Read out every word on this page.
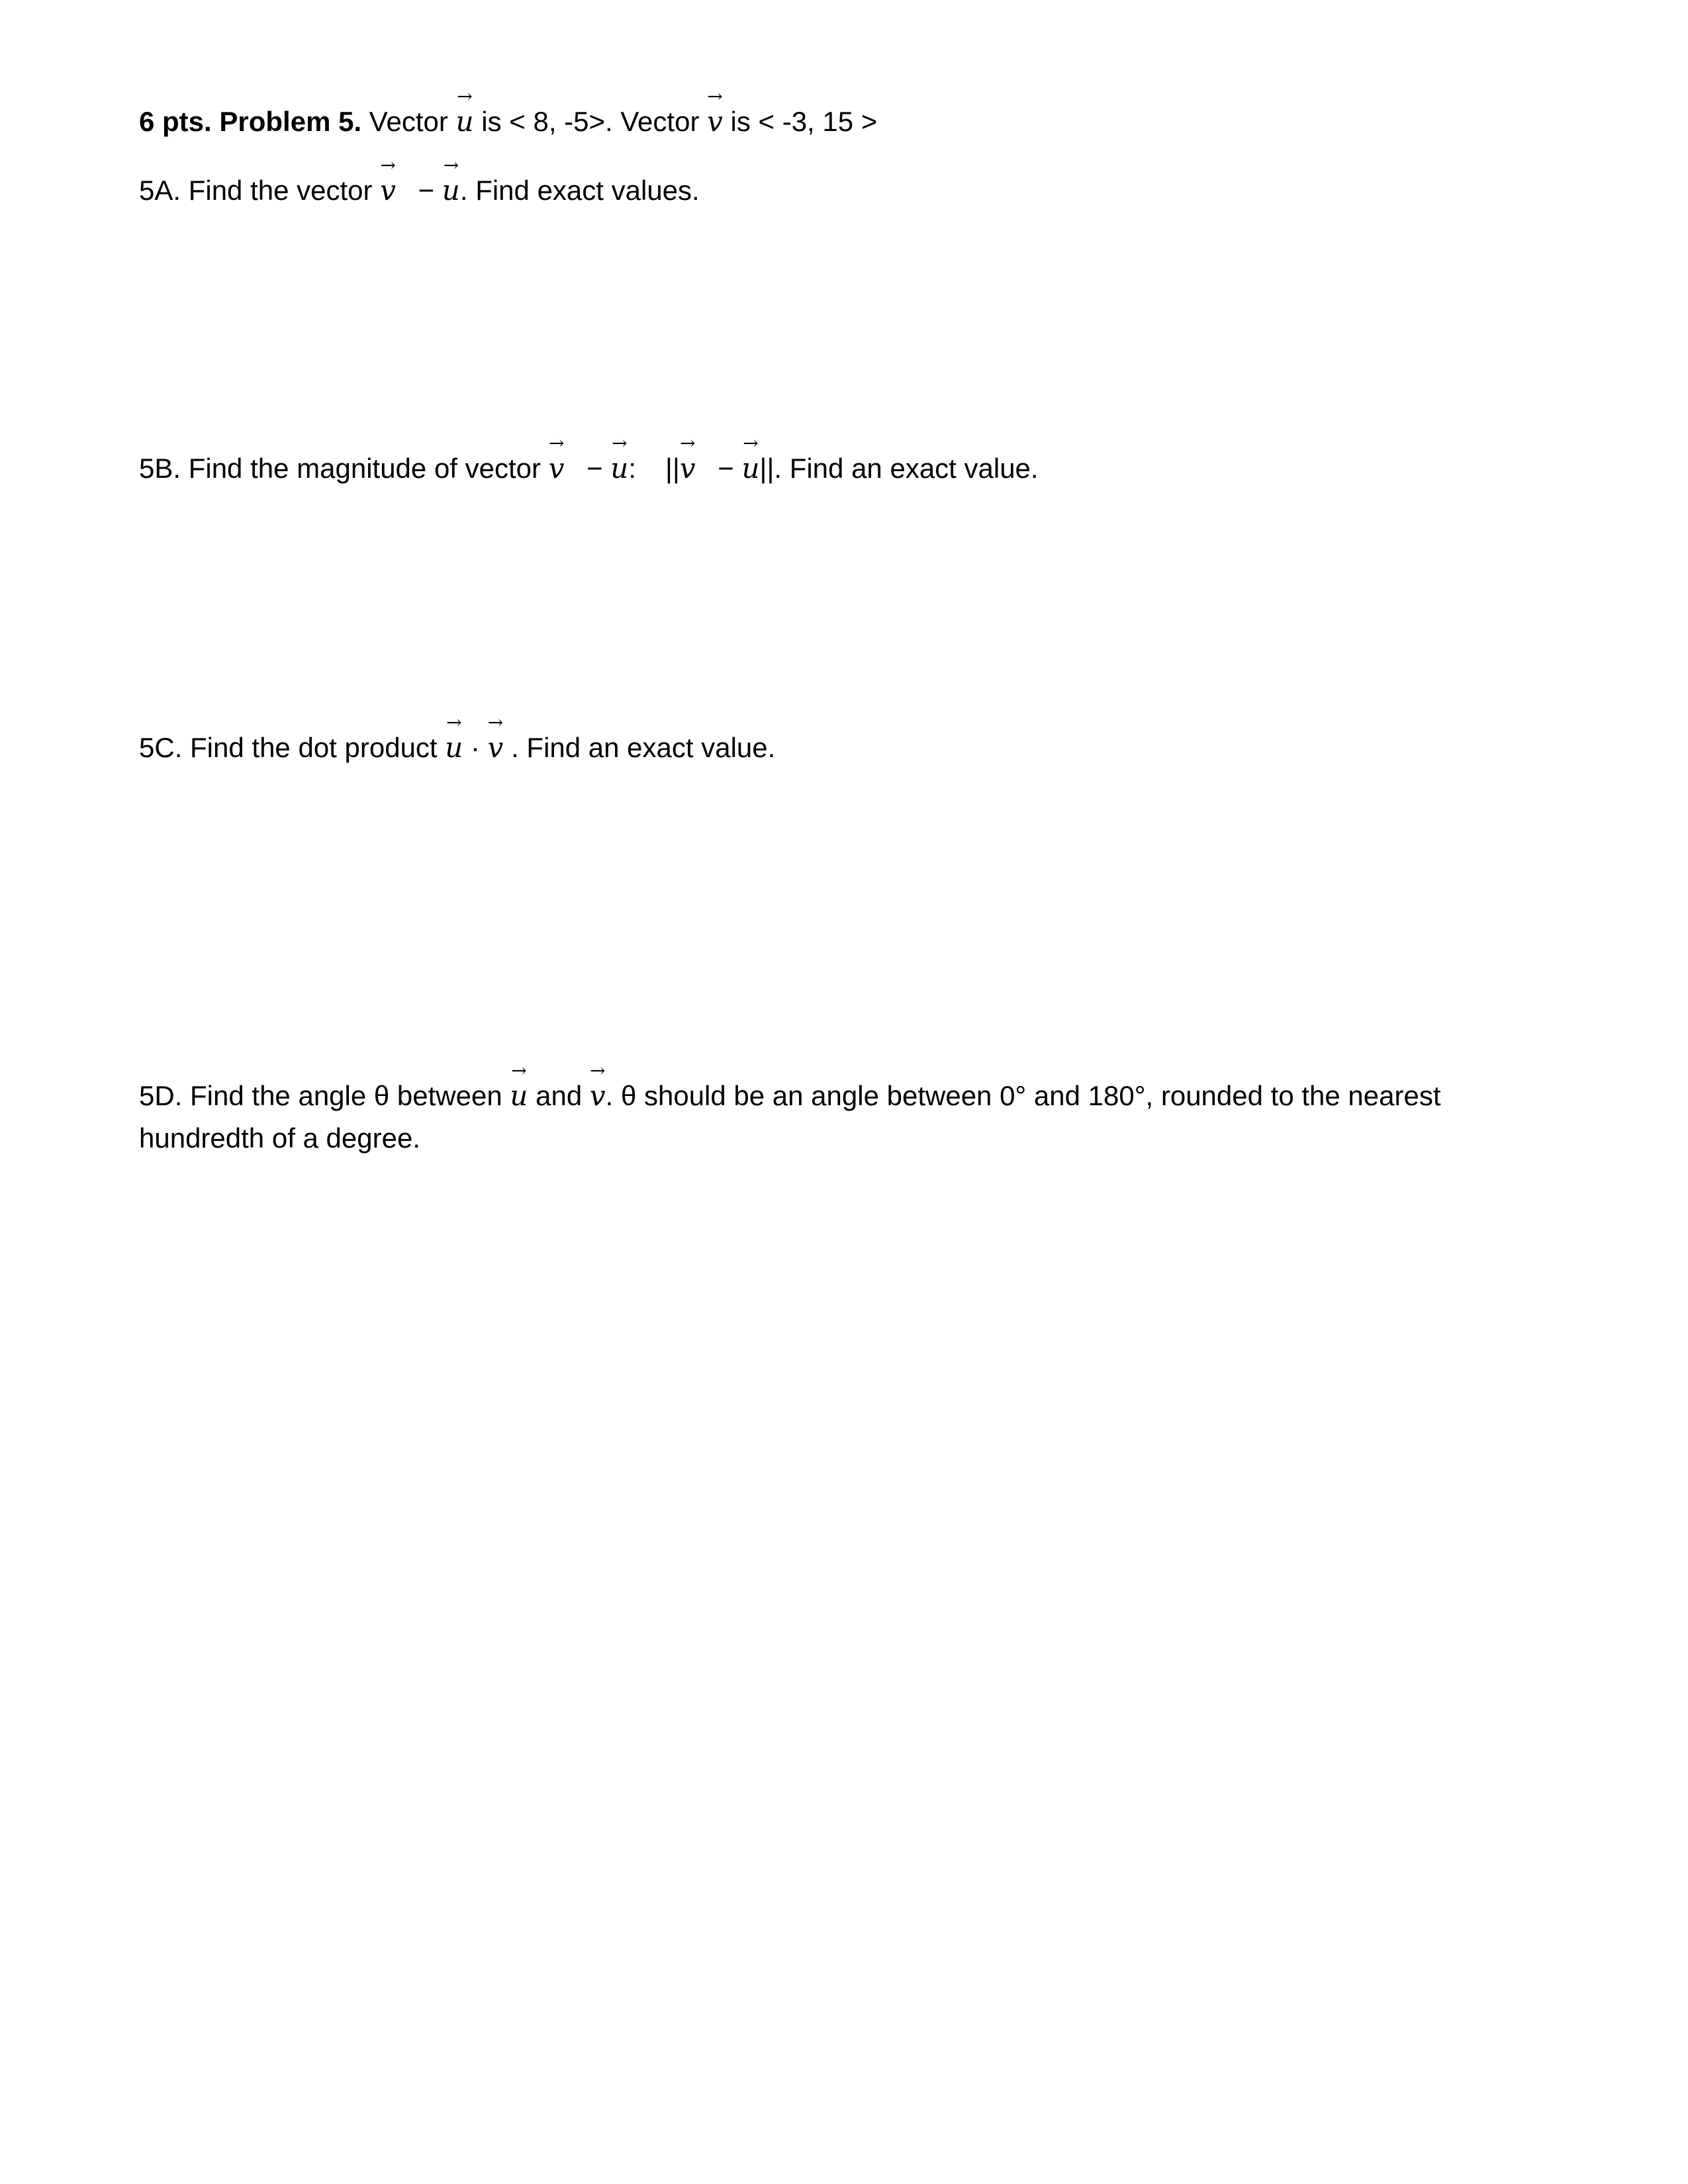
6 pts. Problem 5. Vector u
→
is < 8, -5>. Vector v
→
is < -3, 15 >
5A. Find the vector v
→
− u
→
. Find exact values.
5B. Find the magnitude of vector v
→
− u
→
: ||v
→
− u
→
||. Find an exact value.
5C. Find the dot product u
→
· v
→
. Find an exact value.
5D. Find the angle θ between u
→
and v
→
. θ should be an angle between 0° and 180°, rounded to the nearest hundredth of a degree.
